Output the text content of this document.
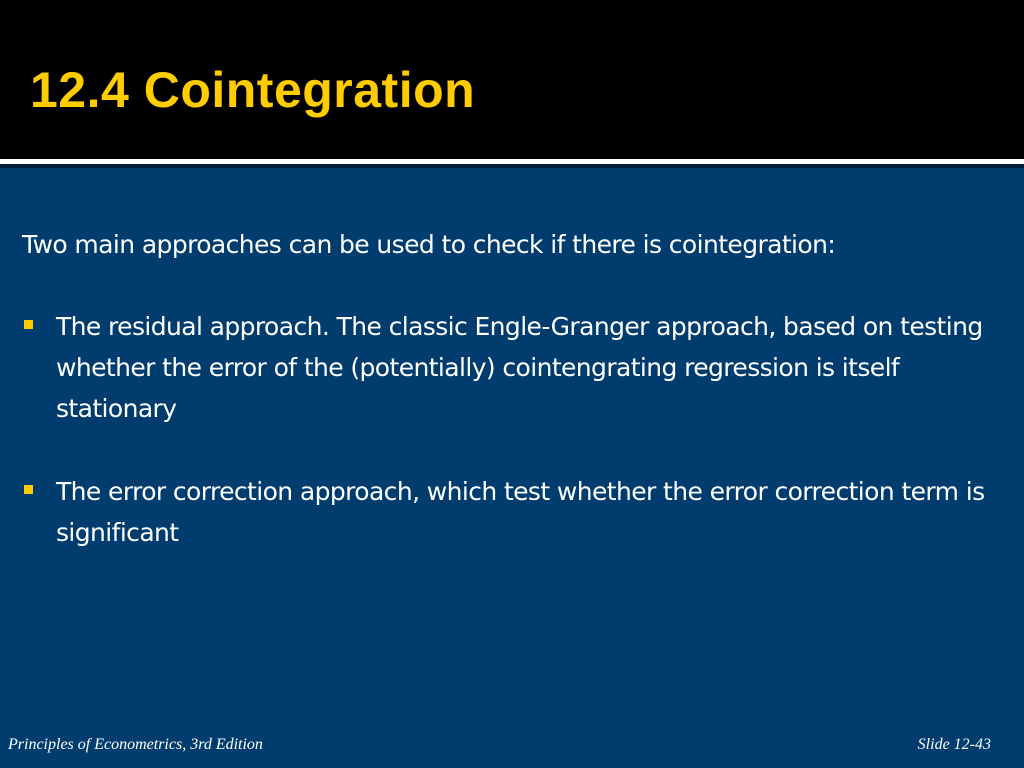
12.4 Cointegration

Two main approaches can be used to check if there is cointegration:

The residual approach. The classic Engle-Granger approach, based on testing whether the error of the (potentially) cointengrating regression is itself stationary
The error correction approach, which test whether the error correction term is significant
Principles of Econometrics, 3rd Edition	Slide 12-43
